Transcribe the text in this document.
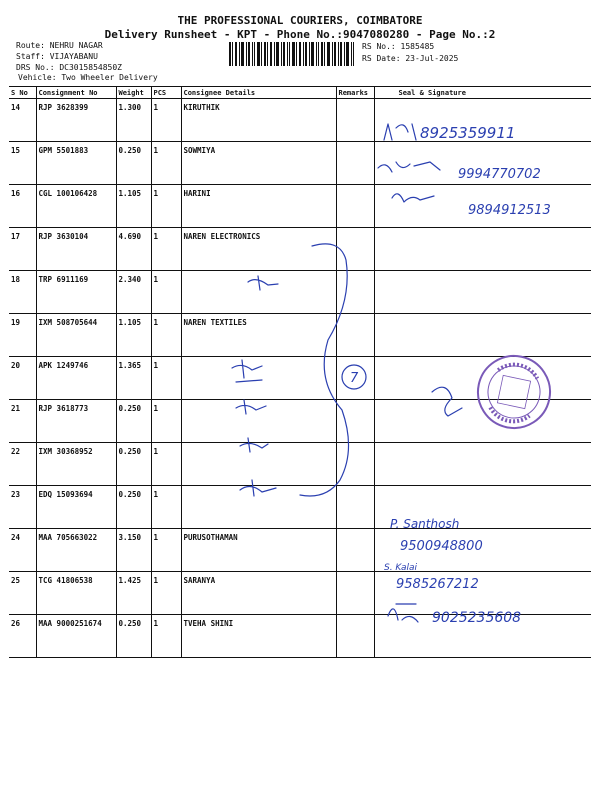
THE PROFESSIONAL COURIERS, COIMBATORE
Delivery Runsheet - KPT - Phone No.:9047080280 - Page No.:2
Route: NEHRU NAGAR
Staff: VIJAYABANU
DRS No.: DC3015854850Z
Vehicle: Two Wheeler Delivery
RS No.: 1585485
RS Date: 23-Jul-2025
S No	Consignment No	Weight	PCS	Consignee Details	Remarks	Seal & Signature
14	RJP 3628399	1.300	1	KIRUTHIK		
15	GPM 5501883	0.250	1	SOWMIYA		
16	CGL 100106428	1.105	1	HARINI		
17	RJP 3630104	4.690	1	NAREN ELECTRONICS		
18	TRP 6911169	2.340	1			
19	IXM 508705644	1.105	1	NAREN TEXTILES		
20	APK 1249746	1.365	1			
21	RJP 3618773	0.250	1			
22	IXM 30368952	0.250	1			
23	EDQ 15093694	0.250	1			
24	MAA 705663022	3.150	1	PURUSOTHAMAN		
25	TCG 41806538	1.425	1	SARANYA		
26	MAA 9000251674	0.250	1	TVEHA SHINI		
8925359911
9994770702
9894912513
7
P. Santhosh
9500948800
S. Kalai
9585267212
9025235608
